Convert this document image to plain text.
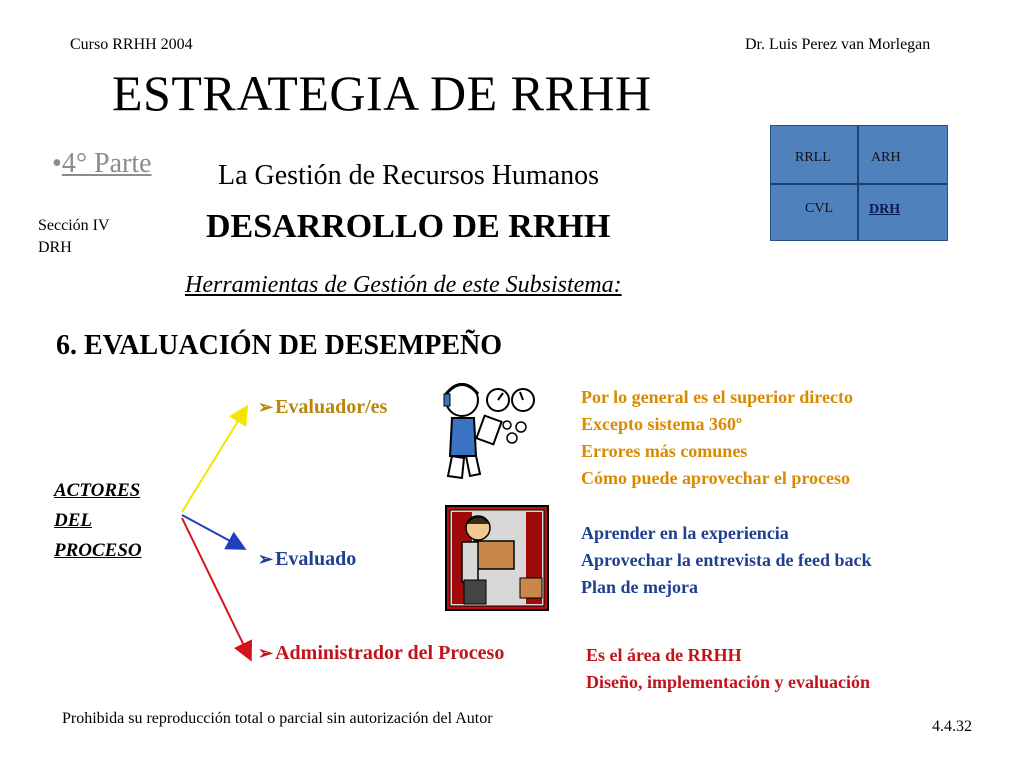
Curso RRHH 2004	Dr. Luis Perez van Morlegan
ESTRATEGIA DE RRHH
•4° Parte La Gestión de Recursos Humanos
Sección IV
DRH
DESARROLLO DE RRHH
Herramientas de Gestión de este Subsistema:
6. EVALUACIÓN DE DESEMPEÑO
RRLL	ARH
CVL	DRH
ACTORES
DEL
PROCESO
➢ Evaluador/es
➢ Evaluado
➢ Administrador del Proceso
Por lo general es el superior directo
Excepto sistema 360º
Errores más comunes
Cómo puede aprovechar el proceso
Aprender en la experiencia
Aprovechar la entrevista de feed back
Plan de mejora
Es el área de RRHH
Diseño, implementación y evaluación
Prohibida su reproducción total o parcial sin autorización del Autor	4.4.32
